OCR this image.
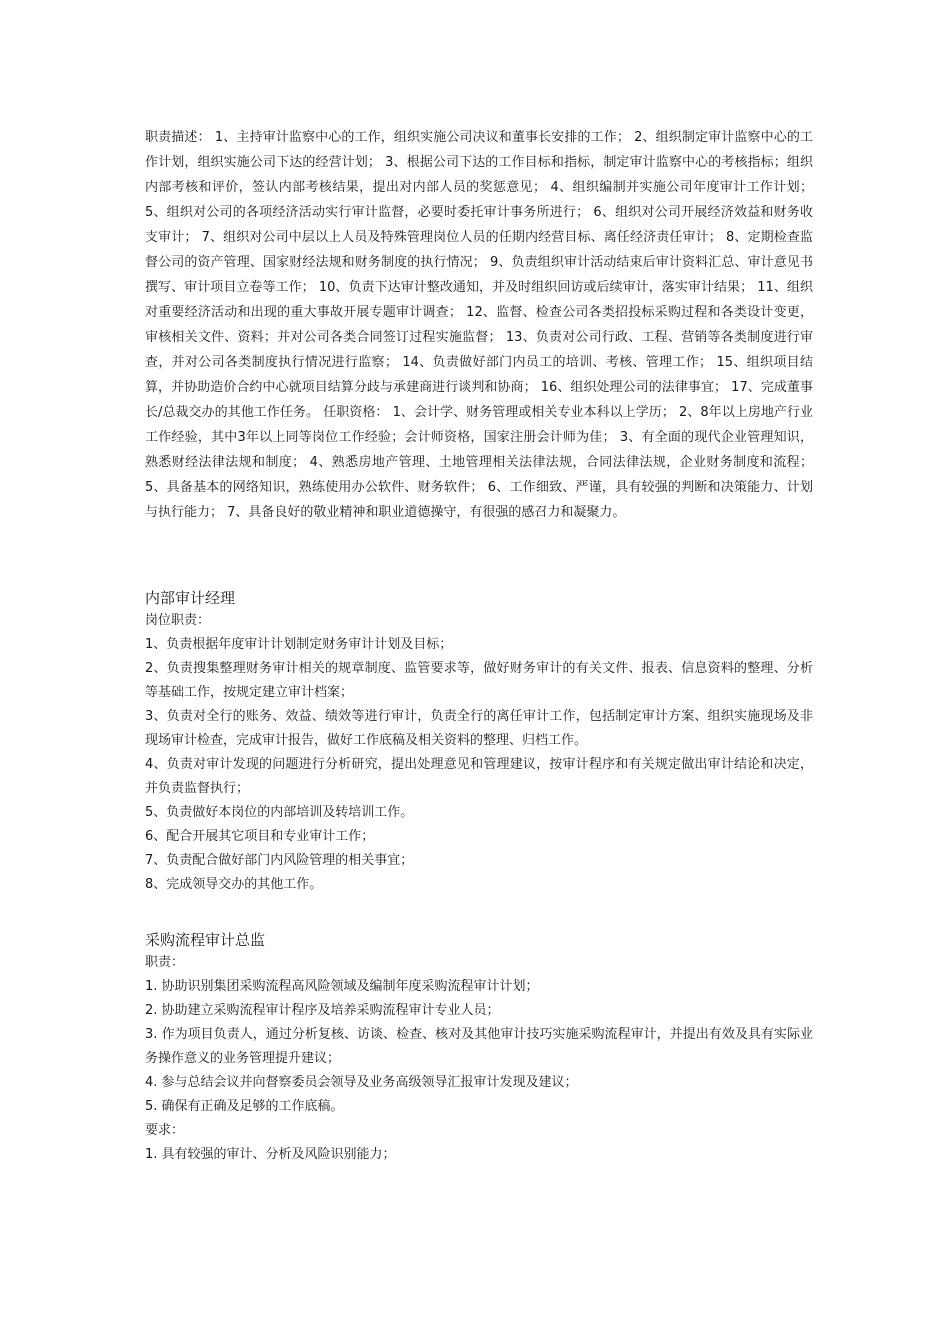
职责描述： 1、主持审计监察中心的工作，组织实施公司决议和董事长安排的工作； 2、组织制定审计监察中心的工作计划，组织实施公司下达的经营计划； 3、根据公司下达的工作目标和指标，制定审计监察中心的考核指标；组织内部考核和评价，签认内部考核结果，提出对内部人员的奖惩意见； 4、组织编制并实施公司年度审计工作计划； 5、组织对公司的各项经济活动实行审计监督，必要时委托审计事务所进行； 6、组织对公司开展经济效益和财务收支审计； 7、组织对公司中层以上人员及特殊管理岗位人员的任期内经营目标、离任经济责任审计； 8、定期检查监督公司的资产管理、国家财经法规和财务制度的执行情况； 9、负责组织审计活动结束后审计资料汇总、审计意见书撰写、审计项目立卷等工作； 10、负责下达审计整改通知，并及时组织回访或后续审计，落实审计结果； 11、组织对重要经济活动和出现的重大事故开展专题审计调查； 12、监督、检查公司各类招投标采购过程和各类设计变更，审核相关文件、资料；并对公司各类合同签订过程实施监督； 13、负责对公司行政、工程、营销等各类制度进行审查，并对公司各类制度执行情况进行监察； 14、负责做好部门内员工的培训、考核、管理工作； 15、组织项目结算，并协助造价合约中心就项目结算分歧与承建商进行谈判和协商； 16、组织处理公司的法律事宜； 17、完成董事长/总裁交办的其他工作任务。 任职资格： 1、会计学、财务管理或相关专业本科以上学历； 2、8年以上房地产行业工作经验，其中3年以上同等岗位工作经验；会计师资格，国家注册会计师为佳； 3、有全面的现代企业管理知识，熟悉财经法律法规和制度； 4、熟悉房地产管理、土地管理相关法律法规，合同法律法规，企业财务制度和流程； 5、具备基本的网络知识，熟练使用办公软件、财务软件； 6、工作细致、严谨，具有较强的判断和决策能力、计划与执行能力； 7、具备良好的敬业精神和职业道德操守，有很强的感召力和凝聚力。

内部审计经理

岗位职责：

1、负责根据年度审计计划制定财务审计计划及目标；

2、负责搜集整理财务审计相关的规章制度、监管要求等，做好财务审计的有关文件、报表、信息资料的整理、分析等基础工作，按规定建立审计档案；

3、负责对全行的账务、效益、绩效等进行审计，负责全行的离任审计工作，包括制定审计方案、组织实施现场及非现场审计检查，完成审计报告，做好工作底稿及相关资料的整理、归档工作。

4、负责对审计发现的问题进行分析研究，提出处理意见和管理建议，按审计程序和有关规定做出审计结论和决定，并负责监督执行；

5、负责做好本岗位的内部培训及转培训工作。

6、配合开展其它项目和专业审计工作；

7、负责配合做好部门内风险管理的相关事宜；

8、完成领导交办的其他工作。

采购流程审计总监

职责：

1. 协助识别集团采购流程高风险领域及编制年度采购流程审计计划；

2. 协助建立采购流程审计程序及培养采购流程审计专业人员；

3. 作为项目负责人，通过分析复核、访谈、检查、核对及其他审计技巧实施采购流程审计，并提出有效及具有实际业务操作意义的业务管理提升建议；

4. 参与总结会议并向督察委员会领导及业务高级领导汇报审计发现及建议；

5. 确保有正确及足够的工作底稿。

要求：

1. 具有较强的审计、分析及风险识别能力；
